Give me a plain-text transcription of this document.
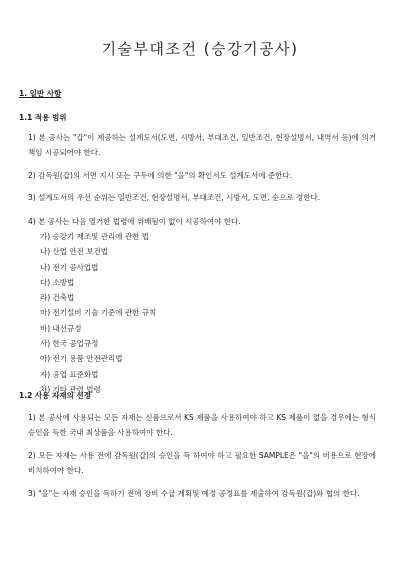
기술부대조건 (승강기공사)
1. 일반 사항
1.1 적용 범위

1) 본 공사는 "갑"이 제공하는 설계도서(도면, 시방서, 부대조건, 일반조건, 현장설명서, 내역서 등)에 의거 책임 시공되어야 한다.

2) 감독원(갑)의 서면 지시 또는 구두에 의한 "을"의 확인서도 설계도서에 준한다.

3) 설계도서의 우선 순위는 일반조건, 현장설명서, 부대조건, 시방서, 도면, 순으로 정한다.

4) 본 공사는 다음 열거한 법령에 위배됨이 없이 시공하여야 한다.

가) 승강기 제조및 관리에 관한 법
나) 산업 안전 보건법
나) 전기 공사업법
다) 소방법
라) 건축법
마) 전기설비 기술 기준에 관한 규칙
바) 내선규정
사) 한국 공업규정
아) 전기 용품 안전관리법
자) 공업 표준화법
차) 기타 관련 법령
1.2 사용 자재의 선정

1) 본 공사에 사용되는 모든 자재는 신품으로서 KS 제품을 사용하여야 하고 KS 제품이 없을 경우에는 형식 승인을 득한 국내 최상품을 사용하여야 한다.

2) 모든 자재는 사용 전에 감독원(갑)의 승인을 득 하여야 하고 필요한 SAMPLE은 "을"의 비용으로 현장에 비치하여야 한다.

3) "을"는 자재 승인을 득하기 전에 장비 수급 계획및 예정 공정표를 제출하여 감독원(갑)와 협의 한다.
